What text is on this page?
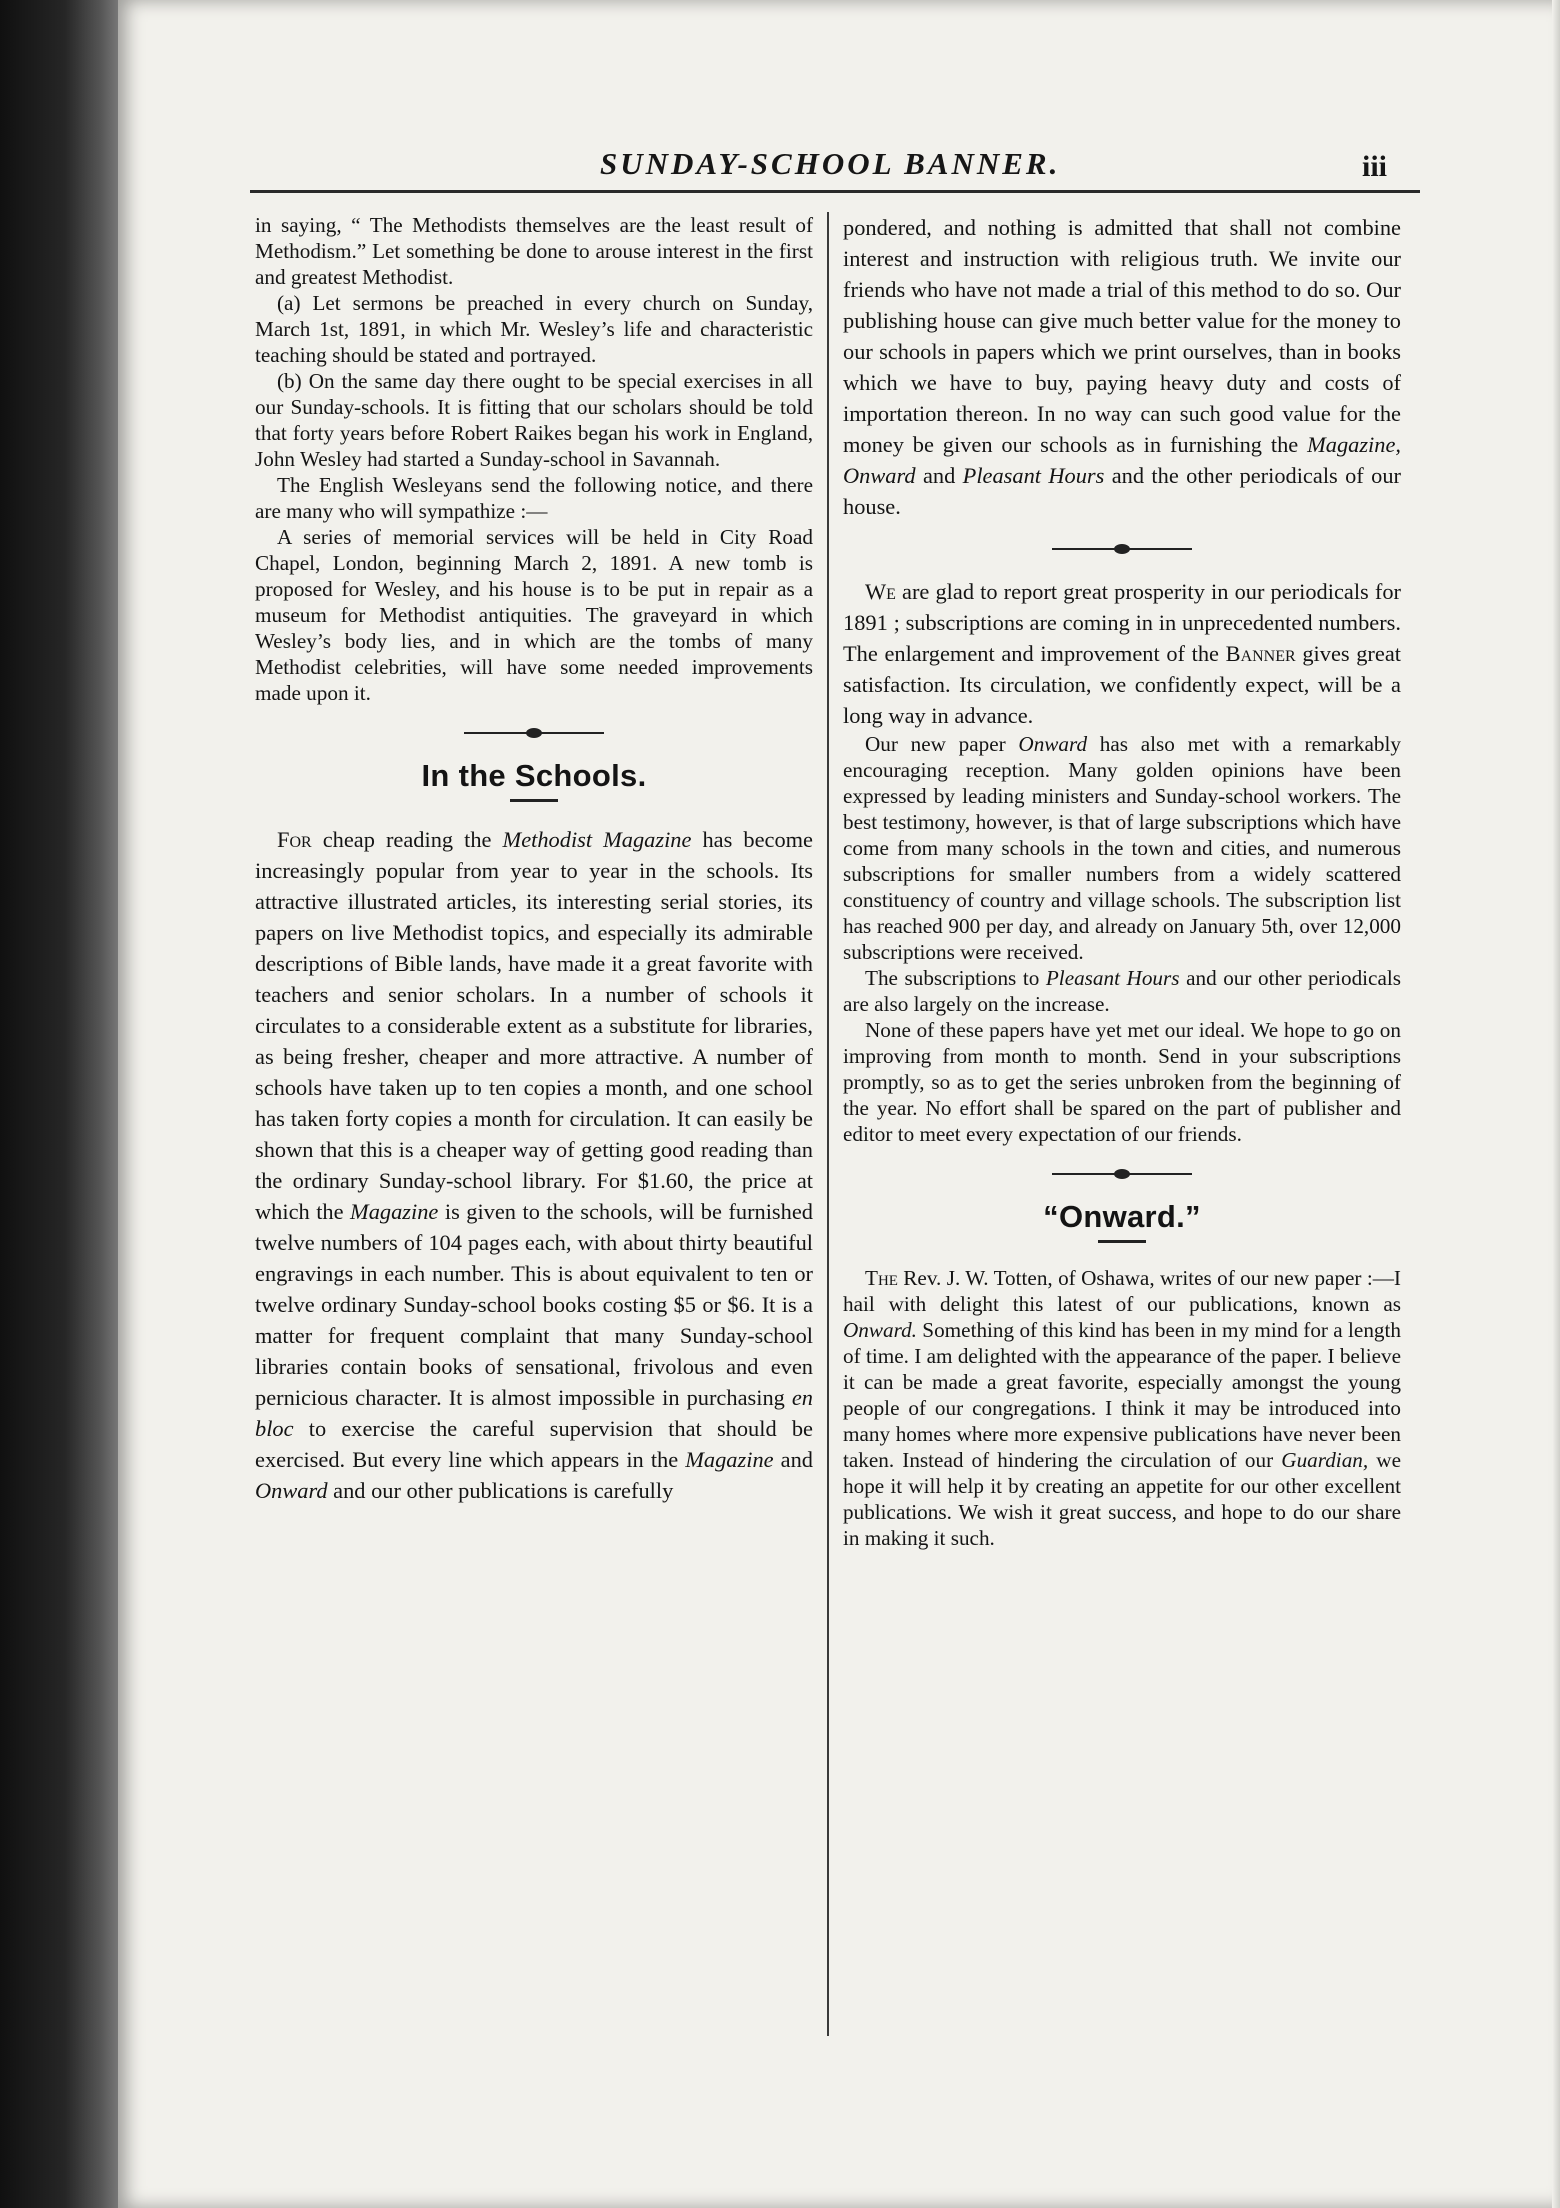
SUNDAY-SCHOOL BANNER.	iii

in saying, “ The Methodists themselves are the least result of Methodism.” Let something be done to arouse interest in the first and greatest Methodist.

(a) Let sermons be preached in every church on Sunday, March 1st, 1891, in which Mr. Wesley’s life and characteristic teaching should be stated and portrayed.

(b) On the same day there ought to be special exercises in all our Sunday-schools. It is fitting that our scholars should be told that forty years before Robert Raikes began his work in England, John Wesley had started a Sunday-school in Savannah.

The English Wesleyans send the following notice, and there are many who will sympathize :—

A series of memorial services will be held in City Road Chapel, London, beginning March 2, 1891. A new tomb is proposed for Wesley, and his house is to be put in repair as a museum for Methodist antiquities. The graveyard in which Wesley’s body lies, and in which are the tombs of many Methodist celebrities, will have some needed improvements made upon it.

In the Schools.

For cheap reading the Methodist Magazine has become increasingly popular from year to year in the schools. Its attractive illustrated articles, its interesting serial stories, its papers on live Methodist topics, and especially its admirable descriptions of Bible lands, have made it a great favorite with teachers and senior scholars. In a number of schools it circulates to a considerable extent as a substitute for libraries, as being fresher, cheaper and more attractive. A number of schools have taken up to ten copies a month, and one school has taken forty copies a month for circulation. It can easily be shown that this is a cheaper way of getting good reading than the ordinary Sunday-school library. For $1.60, the price at which the Magazine is given to the schools, will be furnished twelve numbers of 104 pages each, with about thirty beautiful engravings in each number. This is about equivalent to ten or twelve ordinary Sunday-school books costing $5 or $6. It is a matter for frequent complaint that many Sunday-school libraries contain books of sensational, frivolous and even pernicious character. It is almost impossible in purchasing en bloc to exercise the careful supervision that should be exercised. But every line which appears in the Magazine and Onward and our other publications is carefully

pondered, and nothing is admitted that shall not combine interest and instruction with religious truth. We invite our friends who have not made a trial of this method to do so. Our publishing house can give much better value for the money to our schools in papers which we print ourselves, than in books which we have to buy, paying heavy duty and costs of importation thereon. In no way can such good value for the money be given our schools as in furnishing the Magazine, Onward and Pleasant Hours and the other periodicals of our house.

We are glad to report great prosperity in our periodicals for 1891 ; subscriptions are coming in in unprecedented numbers. The enlargement and improvement of the Banner gives great satisfaction. Its circulation, we confidently expect, will be a long way in advance.

Our new paper Onward has also met with a remarkably encouraging reception. Many golden opinions have been expressed by leading ministers and Sunday-school workers. The best testimony, however, is that of large subscriptions which have come from many schools in the town and cities, and numerous subscriptions for smaller numbers from a widely scattered constituency of country and village schools. The subscription list has reached 900 per day, and already on January 5th, over 12,000 subscriptions were received.

The subscriptions to Pleasant Hours and our other periodicals are also largely on the increase.

None of these papers have yet met our ideal. We hope to go on improving from month to month. Send in your subscriptions promptly, so as to get the series unbroken from the beginning of the year. No effort shall be spared on the part of publisher and editor to meet every expectation of our friends.

“Onward.”

The Rev. J. W. Totten, of Oshawa, writes of our new paper :—I hail with delight this latest of our publications, known as Onward. Something of this kind has been in my mind for a length of time. I am delighted with the appearance of the paper. I believe it can be made a great favorite, especially amongst the young people of our congregations. I think it may be introduced into many homes where more expensive publications have never been taken. Instead of hindering the circulation of our Guardian, we hope it will help it by creating an appetite for our other excellent publications. We wish it great success, and hope to do our share in making it such.
